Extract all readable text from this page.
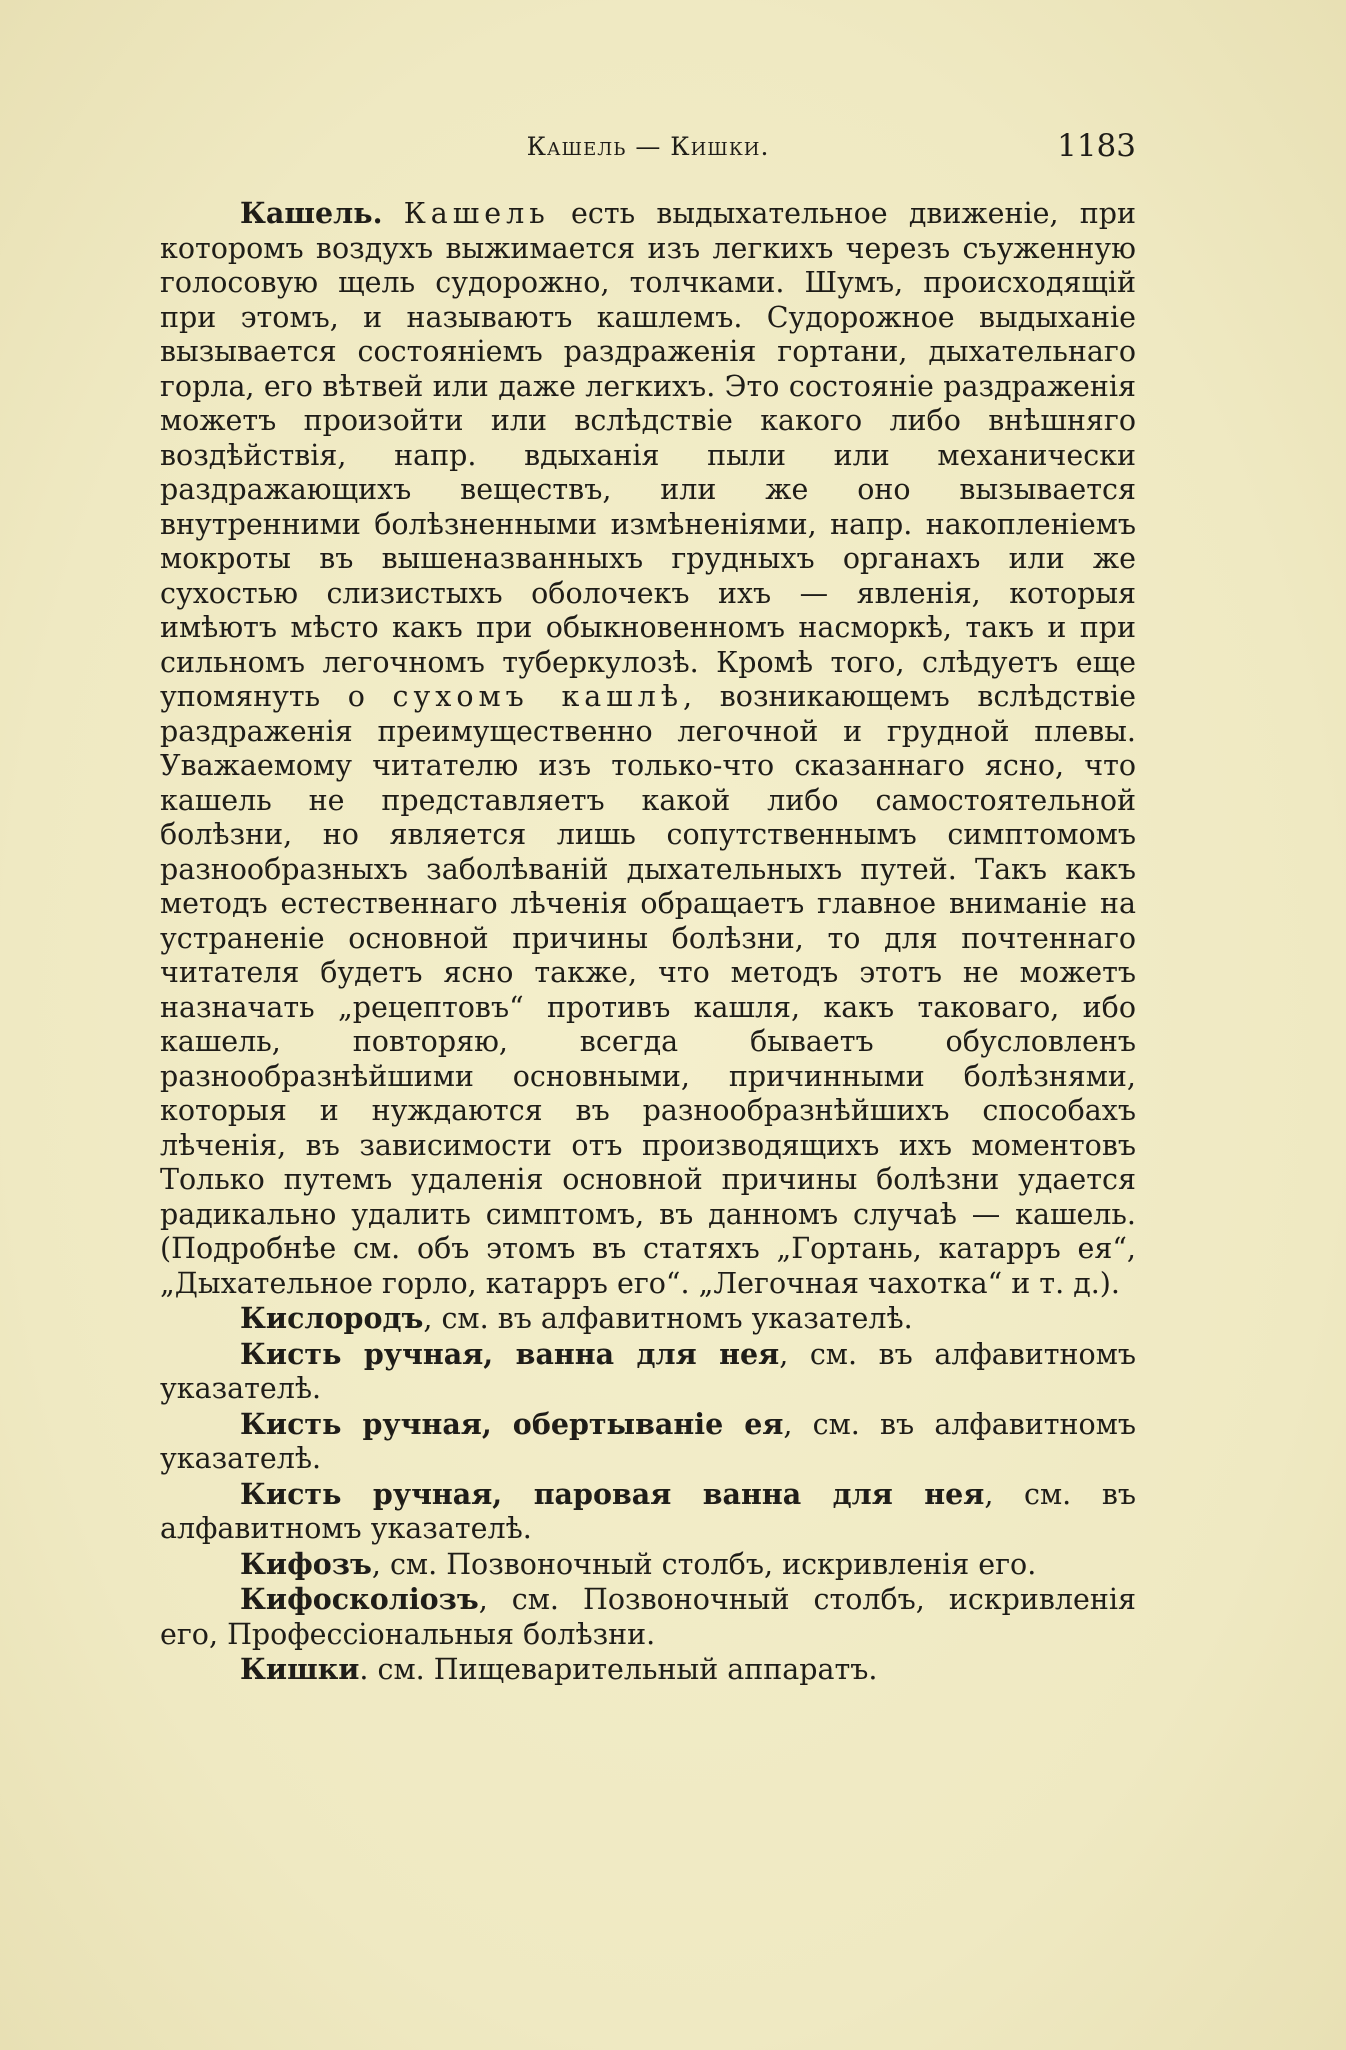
Кашель — Кишки.	1183

Кашель. Кашель есть выдыхательное движеніе, при которомъ воздухъ выжимается изъ легкихъ черезъ съуженную голосовую щель судорожно, толчками. Шумъ, происходящій при этомъ, и называютъ кашлемъ. Судорожное выдыханіе вызывается состояніемъ раздраженія гортани, дыхательнаго горла, его вѣтвей или даже легкихъ. Это состояніе раздраженія можетъ произойти или вслѣдствіе какого либо внѣшняго воздѣйствія, напр. вдыханія пыли или механически раздражающихъ веществъ, или же оно вызывается внутренними болѣзненными измѣненіями, напр. накопленіемъ мокроты въ вышеназванныхъ грудныхъ органахъ или же сухостью слизистыхъ оболочекъ ихъ — явленія, которыя имѣютъ мѣсто какъ при обыкновенномъ насморкѣ, такъ и при сильномъ легочномъ туберкулозѣ. Кромѣ того, слѣдуетъ еще упомянуть о сухомъ кашлѣ, возникающемъ вслѣдствіе раздраженія преимущественно легочной и грудной плевы. Уважаемому читателю изъ только-что сказаннаго ясно, что кашель не представляетъ какой либо самостоятельной болѣзни, но является лишь сопутственнымъ симптомомъ разнообразныхъ заболѣваній дыхательныхъ путей. Такъ какъ методъ естественнаго лѣченія обращаетъ главное вниманіе на устраненіе основной причины болѣзни, то для почтеннаго читателя будетъ ясно также, что методъ этотъ не можетъ назначать „рецептовъ“ противъ кашля, какъ таковаго, ибо кашель, повторяю, всегда бываетъ обусловленъ разнообразнѣйшими основными, причинными болѣзнями, которыя и нуждаются въ разнообразнѣйшихъ способахъ лѣченія, въ зависимости отъ производящихъ ихъ моментовъ Только путемъ удаленія основной причины болѣзни удается радикально удалить симптомъ, въ данномъ случаѣ — кашель. (Подробнѣе см. объ этомъ въ статяхъ „Гортань, катарръ ея“, „Дыхательное горло, катарръ его“. „Легочная чахотка“ и т. д.).

Кислородъ, см. въ алфавитномъ указателѣ.

Кисть ручная, ванна для нея, см. въ алфавитномъ указателѣ.

Кисть ручная, обертываніе ея, см. въ алфавитномъ указателѣ.

Кисть ручная, паровая ванна для нея, см. въ алфавитномъ указателѣ.

Кифозъ, см. Позвоночный столбъ, искривленія его.

Кифосколіозъ, см. Позвоночный столбъ, искривленія его, Профессіональныя болѣзни.

Кишки. см. Пищеварительный аппаратъ.
